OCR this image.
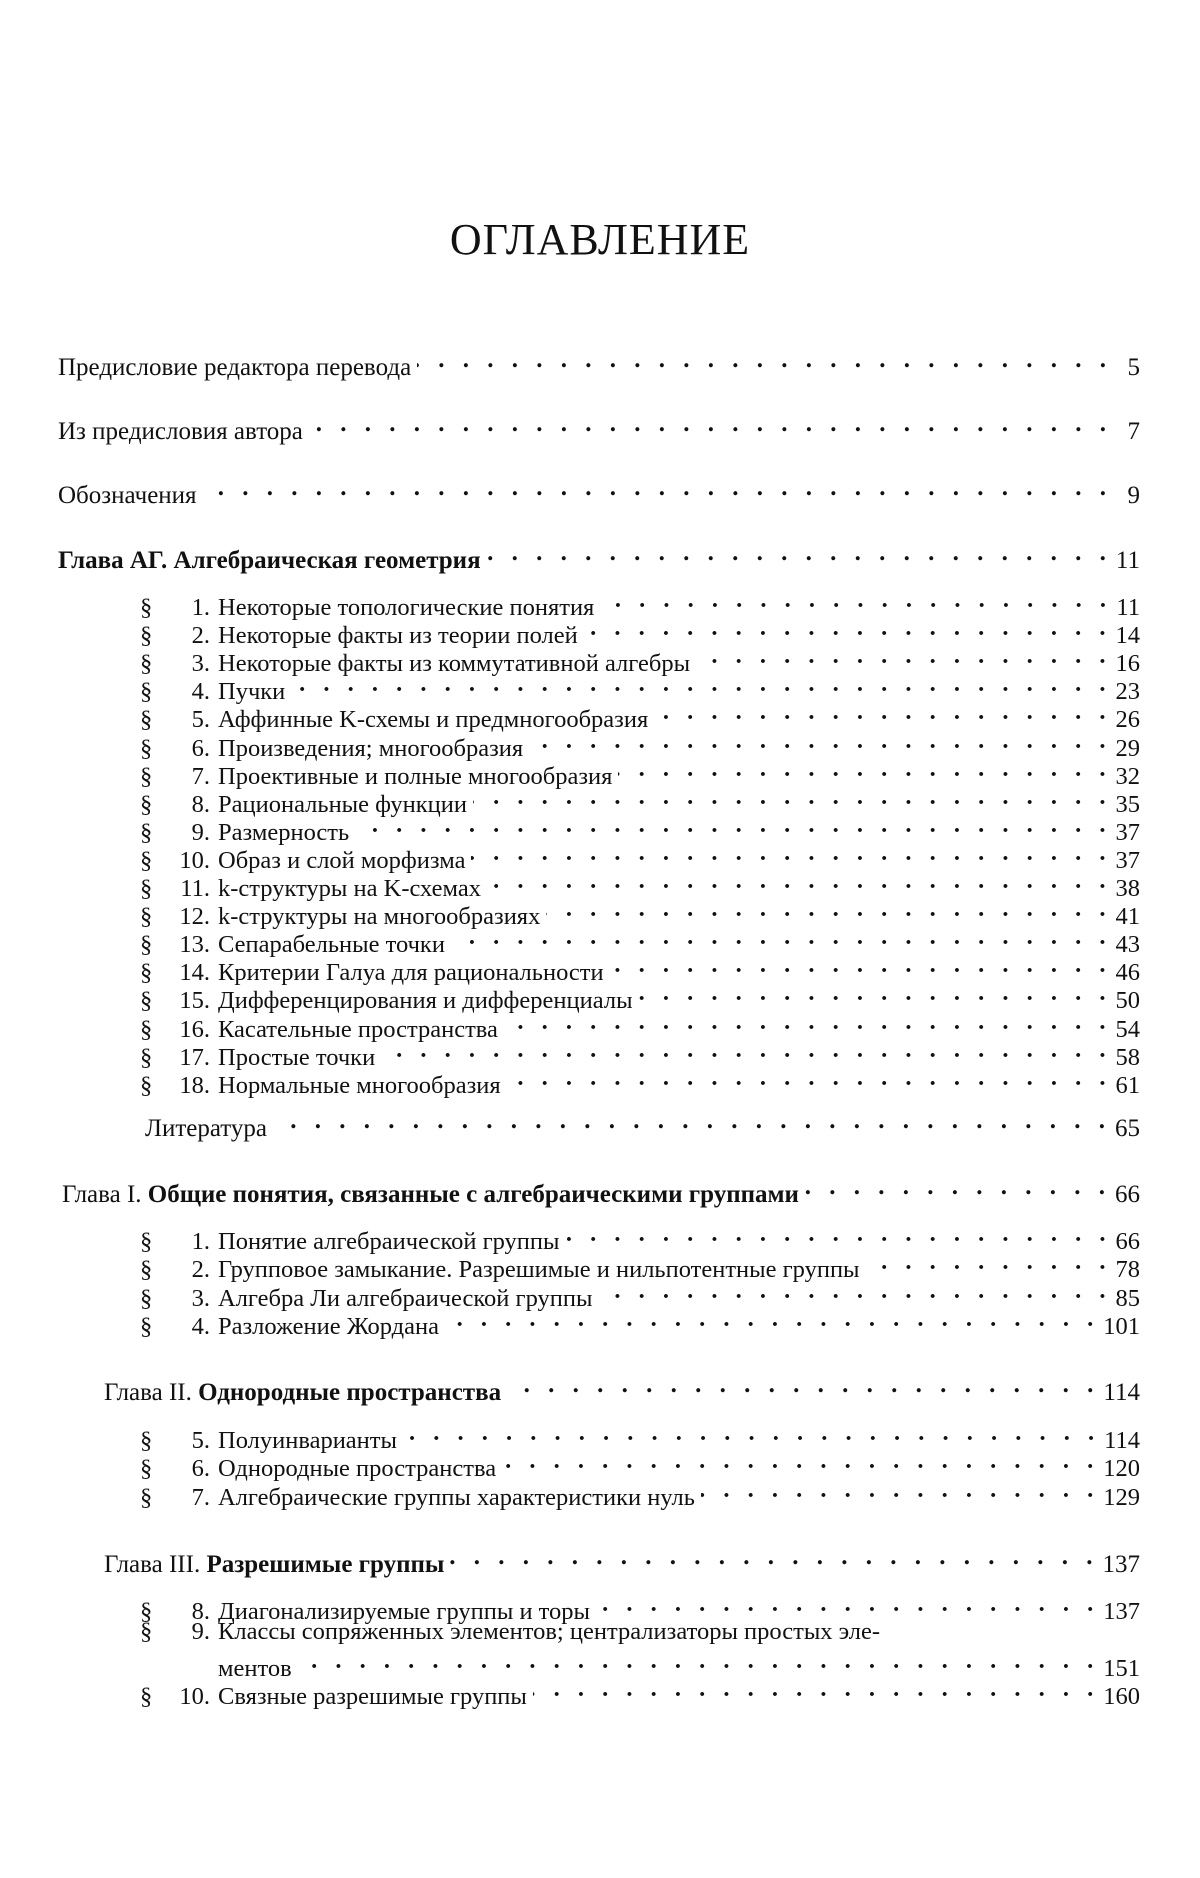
ОГЛАВЛЕНИЕ
Предисловие редактора перевода
. . .	5
Из предисловия автора
. . .	7
Обозначения
. . .	9
Глава АГ. Алгебраическая геометрия
. . .	11
§	1. Некоторые топологические понятия
. . .	11
§	2. Некоторые факты из теории полей
. . .	14
§	3. Некоторые факты из коммутативной алгебры
. . .	16
§	4. Пучки
. . .	23
§	5. Аффинные K-схемы и предмногообразия
. . .	26
§	6. Произведения; многообразия
. . .	29
§	7. Проективные и полные многообразия
. . .	32
§	8. Рациональные функции
. . .	35
§	9. Размерность
. . .	37
§	10. Образ и слой морфизма
. . .	37
§	11. k-структуры на K-схемах
. . .	38
§	12. k-структуры на многообразиях
. . .	41
§	13. Сепарабельные точки
. . .	43
§	14. Критерии Галуа для рациональности
. . .	46
§	15. Дифференцирования и дифференциалы
. . .	50
§	16. Касательные пространства
. . .	54
§	17. Простые точки
. . .	58
§	18. Нормальные многообразия
. . .	61
Литература
. . .	65
Глава I. Общие понятия, связанные с алгебраическими группами
. . .	66
§	1. Понятие алгебраической группы
. . .	66
§	2. Групповое замыкание. Разрешимые и нильпотентные группы
. . .	78
§	3. Алгебра Ли алгебраической группы
. . .	85
§	4. Разложение Жордана
. . .	101
Глава II. Однородные пространства
. . .	114
§	5. Полуинварианты
. . .	114
§	6. Однородные пространства
. . .	120
§	7. Алгебраические группы характеристики нуль
. . .	129
Глава III. Разрешимые группы
. . .	137
§	8. Диагонализируемые группы и торы
. . .	137
§	9. Классы сопряженных элементов; централизаторы простых эле-
ментов
. . .	151
§	10. Связные разрешимые группы
. . .	160
